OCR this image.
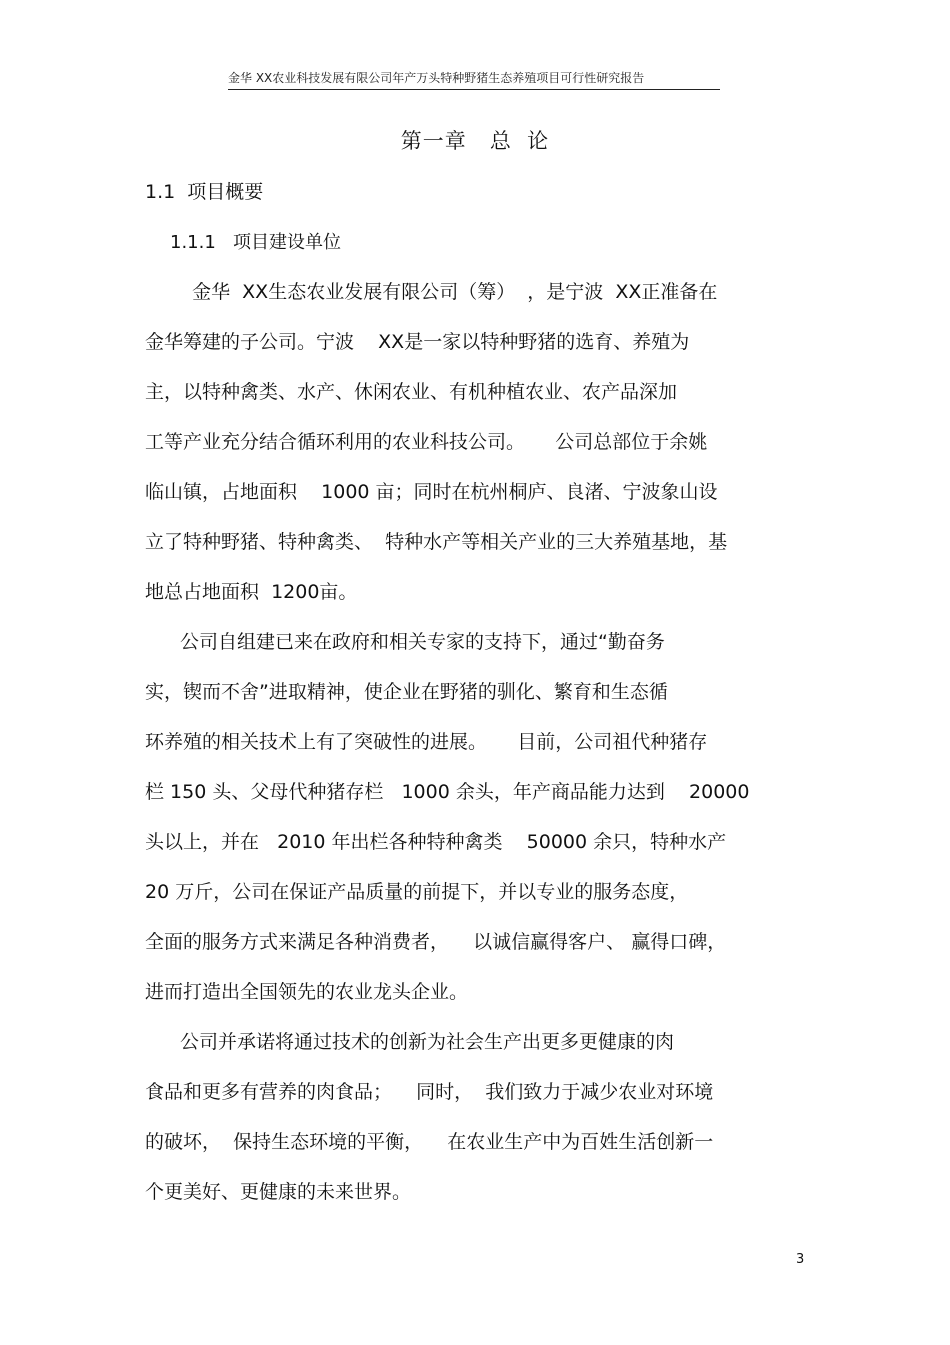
金华 XX农业科技发展有限公司年产万头特种野猪生态养殖项目可行性研究报告
第一章   总  论
1.1  项目概要
1.1.1   项目建设单位
金华  XX生态农业发展有限公司（筹）  ，是宁波  XX正准备在
金华筹建的子公司。宁波    XX是一家以特种野猪的选育、养殖为
主，以特种禽类、水产、休闲农业、有机种植农业、农产品深加
工等产业充分结合循环利用的农业科技公司。     公司总部位于余姚
临山镇，占地面积    1000 亩；同时在杭州桐庐、良渚、宁波象山设
立了特种野猪、特种禽类、  特种水产等相关产业的三大养殖基地，基
地总占地面积  1200亩。
公司自组建已来在政府和相关专家的支持下，通过“勤奋务
实，锲而不舍”进取精神，使企业在野猪的驯化、繁育和生态循
环养殖的相关技术上有了突破性的进展。     目前，公司祖代种猪存
栏 150 头、父母代种猪存栏   1000 余头，年产商品能力达到    20000
头以上，并在   2010 年出栏各种特种禽类    50000 余只，特种水产
20 万斤，公司在保证产品质量的前提下，并以专业的服务态度，
全面的服务方式来满足各种消费者，    以诚信赢得客户、 赢得口碑，
进而打造出全国领先的农业龙头企业。
公司并承诺将通过技术的创新为社会生产出更多更健康的肉
食品和更多有营养的肉食品；    同时，  我们致力于减少农业对环境
的破坏，  保持生态环境的平衡，    在农业生产中为百姓生活创新一
个更美好、更健康的未来世界。
3
